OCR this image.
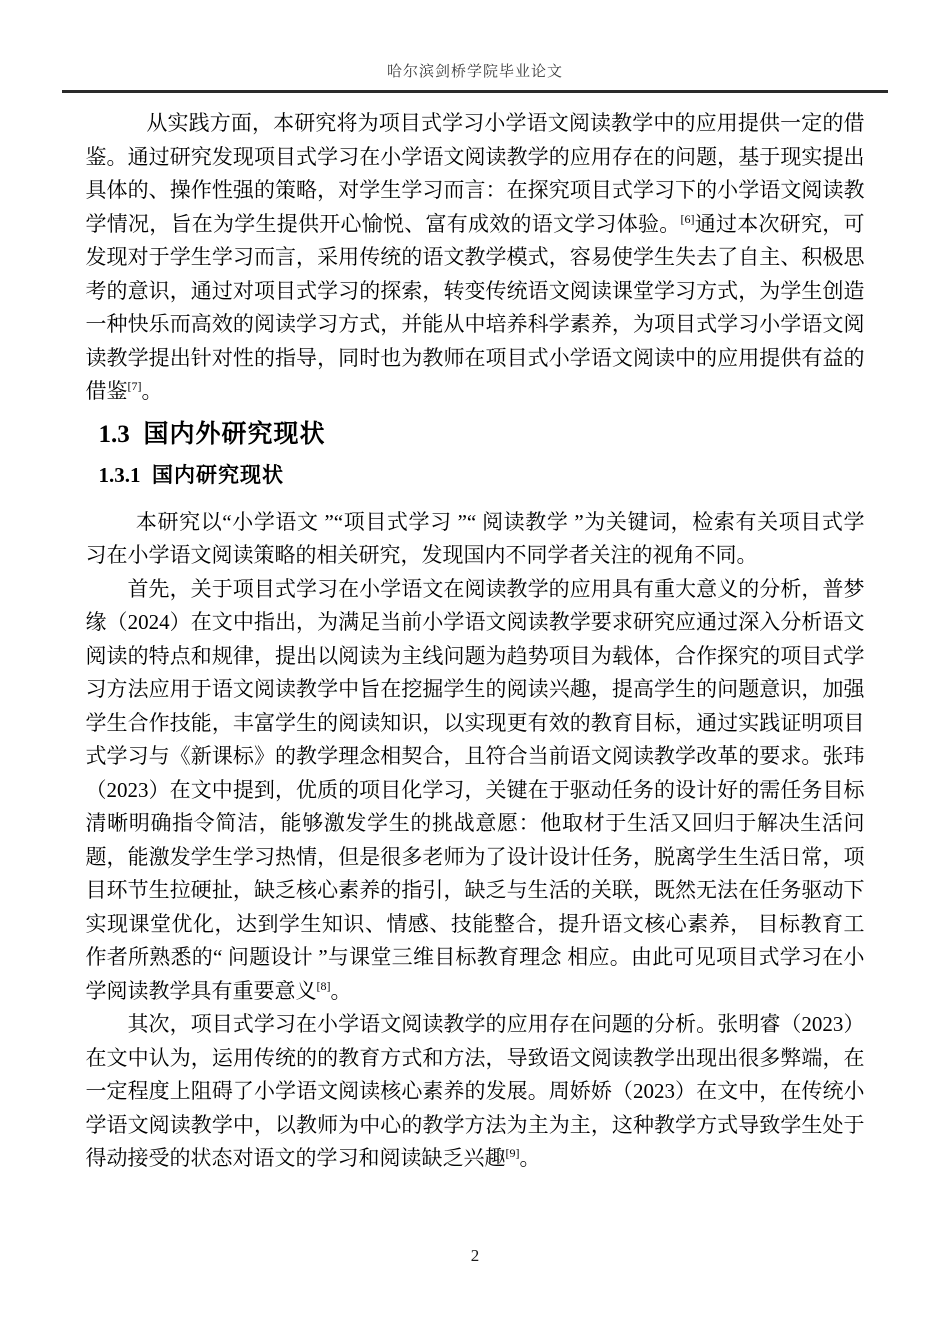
哈尔滨剑桥学院毕业论文

从实践方面，本研究将为项目式学习小学语文阅读教学中的应用提供一定的借鉴。通过研究发现项目式学习在小学语文阅读教学的应用存在的问题，基于现实提出具体的、操作性强的策略，对学生学习而言：在探究项目式学习下的小学语文阅读教学情况，旨在为学生提供开心愉悦、富有成效的语文学习体验。[6]通过本次研究，可发现对于学生学习而言，采用传统的语文教学模式，容易使学生失去了自主、积极思考的意识，通过对项目式学习的探索，转变传统语文阅读课堂学习方式，为学生创造一种快乐而高效的阅读学习方式，并能从中培养科学素养，为项目式学习小学语文阅读教学提出针对性的指导，同时也为教师在项目式小学语文阅读中的应用提供有益的借鉴[7]。

1.3 国内外研究现状
1.3.1 国内研究现状

本研究以“小学语文 ”“项目式学习 ”“ 阅读教学 ”为关键词，检索有关项目式学 习在小学语文阅读策略的相关研究，发现国内不同学者关注的视角不同。

首先，关于项目式学习在小学语文在阅读教学的应用具有重大意义的分析，普梦缘（2024）在文中指出，为满足当前小学语文阅读教学要求研究应通过深入分析语文阅读的特点和规律，提出以阅读为主线问题为趋势项目为载体，合作探究的项目式学习方法应用于语文阅读教学中旨在挖掘学生的阅读兴趣，提高学生的问题意识，加强学生合作技能，丰富学生的阅读知识，以实现更有效的教育目标，通过实践证明项目式学习与《新课标》的教学理念相契合，且符合当前语文阅读教学改革的要求。张玮（2023）在文中提到，优质的项目化学习，关键在于驱动任务的设计好的需任务目标清晰明确指令简洁，能够激发学生的挑战意愿：他取材于生活又回归于解决生活问题，能激发学生学习热情，但是很多老师为了设计设计任务，脱离学生生活日常，项目环节生拉硬扯，缺乏核心素养的指引，缺乏与生活的关联，既然无法在任务驱动下实现课堂优化，达到学生知识、情感、技能整合，提升语文核心素养， 目标教育工作者所熟悉的“ 问题设计 ”与课堂三维目标教育理念 相应。由此可见项目式学习在小学阅读教学具有重要意义[8]。

其次，项目式学习在小学语文阅读教学的应用存在问题的分析。张明睿（2023）在文中认为，运用传统的的教育方式和方法，导致语文阅读教学出现出很多弊端，在一定程度上阻碍了小学语文阅读核心素养的发展。周娇娇（2023）在文中，在传统小学语文阅读教学中，以教师为中心的教学方法为主为主，这种教学方式导致学生处于得动接受的状态对语文的学习和阅读缺乏兴趣[9]。

2
